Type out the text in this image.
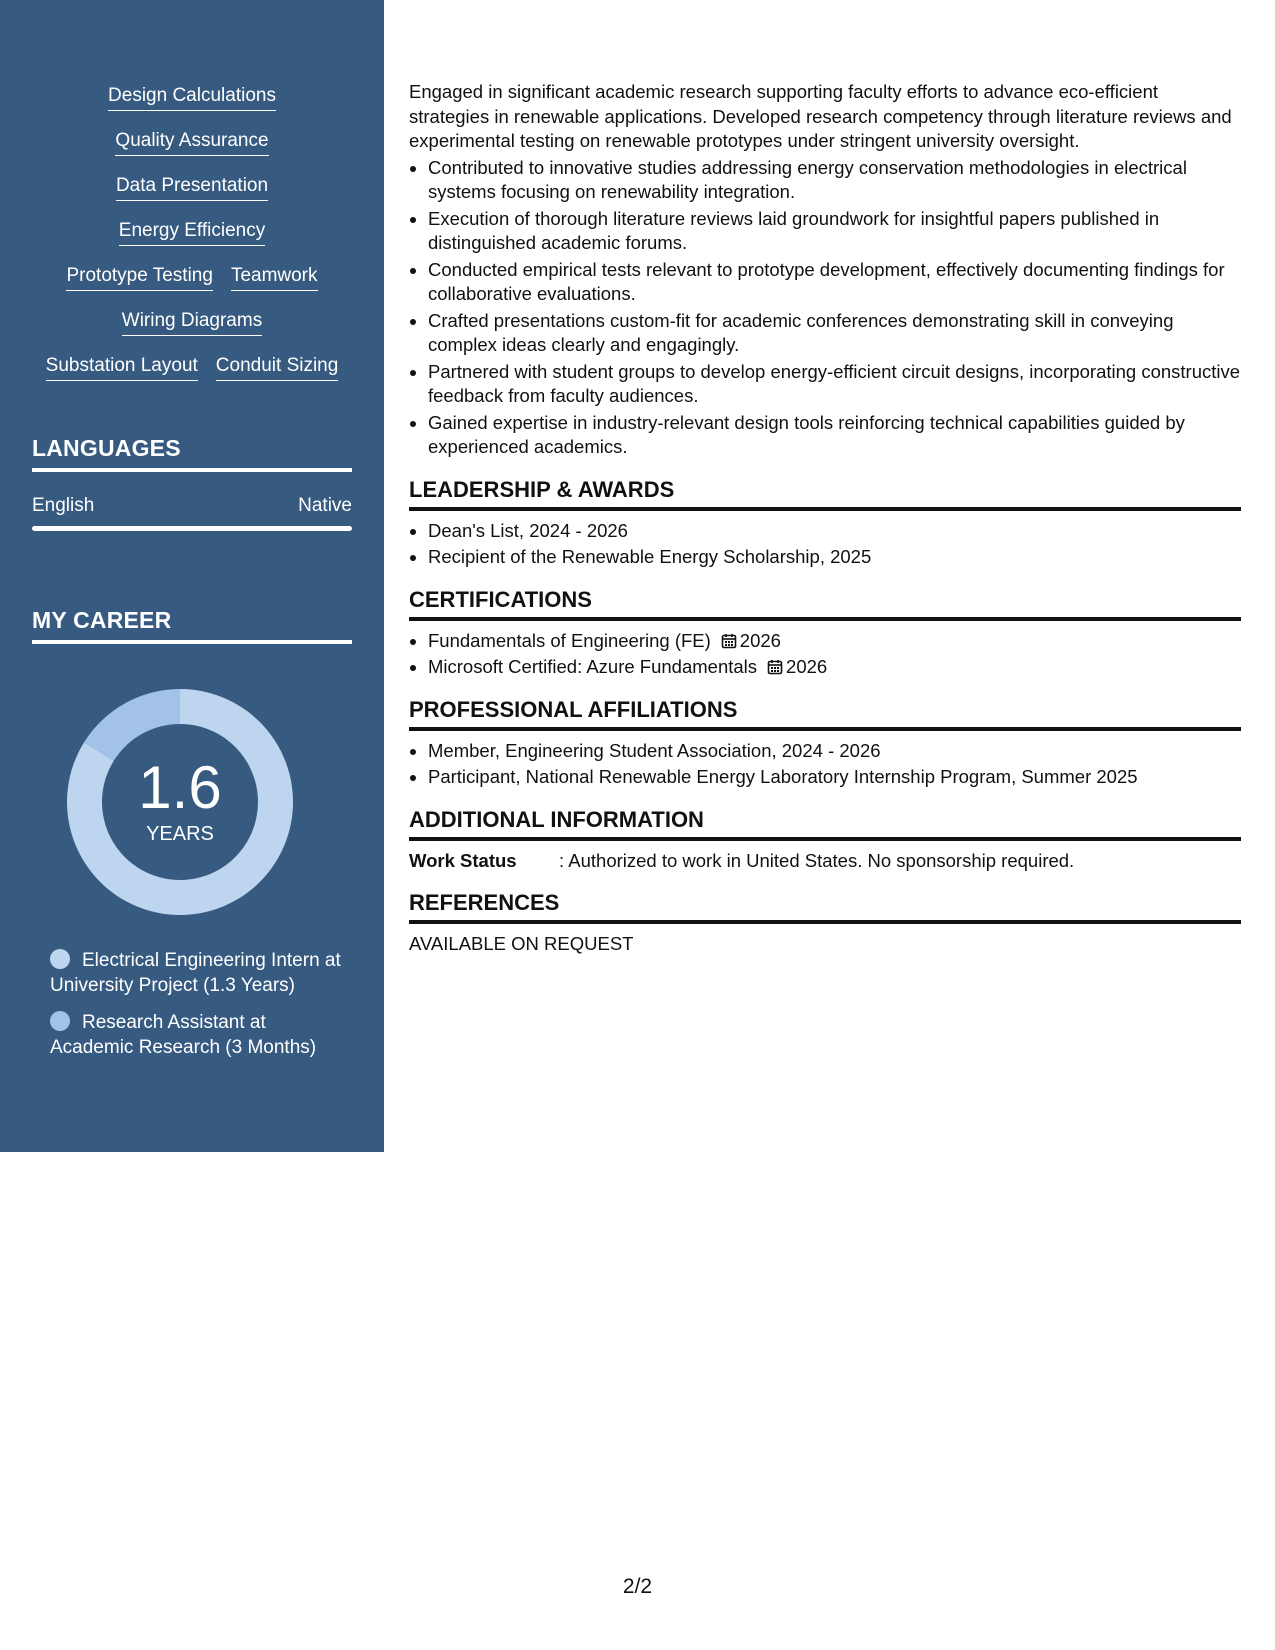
Design Calculations
Quality Assurance
Data Presentation
Energy Efficiency
Prototype Testing Teamwork
Wiring Diagrams
Substation Layout Conduit Sizing
LANGUAGES
English	Native
MY CAREER
1.6
YEARS
Electrical Engineering Intern at University Project (1.3 Years)
Research Assistant at Academic Research (3 Months)

Engaged in significant academic research supporting faculty efforts to advance eco-efficient strategies in renewable applications. Developed research competency through literature reviews and experimental testing on renewable prototypes under stringent university oversight.

Contributed to innovative studies addressing energy conservation methodologies in electrical systems focusing on renewability integration.
Execution of thorough literature reviews laid groundwork for insightful papers published in distinguished academic forums.
Conducted empirical tests relevant to prototype development, effectively documenting findings for collaborative evaluations.
Crafted presentations custom-fit for academic conferences demonstrating skill in conveying complex ideas clearly and engagingly.
Partnered with student groups to develop energy-efficient circuit designs, incorporating constructive feedback from faculty audiences.
Gained expertise in industry-relevant design tools reinforcing technical capabilities guided by experienced academics.
LEADERSHIP & AWARDS
Dean's List, 2024 - 2026
Recipient of the Renewable Energy Scholarship, 2025
CERTIFICATIONS
Fundamentals of Engineering (FE) 2026
Microsoft Certified: Azure Fundamentals 2026
PROFESSIONAL AFFILIATIONS
Member, Engineering Student Association, 2024 - 2026
Participant, National Renewable Energy Laboratory Internship Program, Summer 2025
ADDITIONAL INFORMATION
Work Status	: Authorized to work in United States. No sponsorship required.
REFERENCES

AVAILABLE ON REQUEST

2/2
